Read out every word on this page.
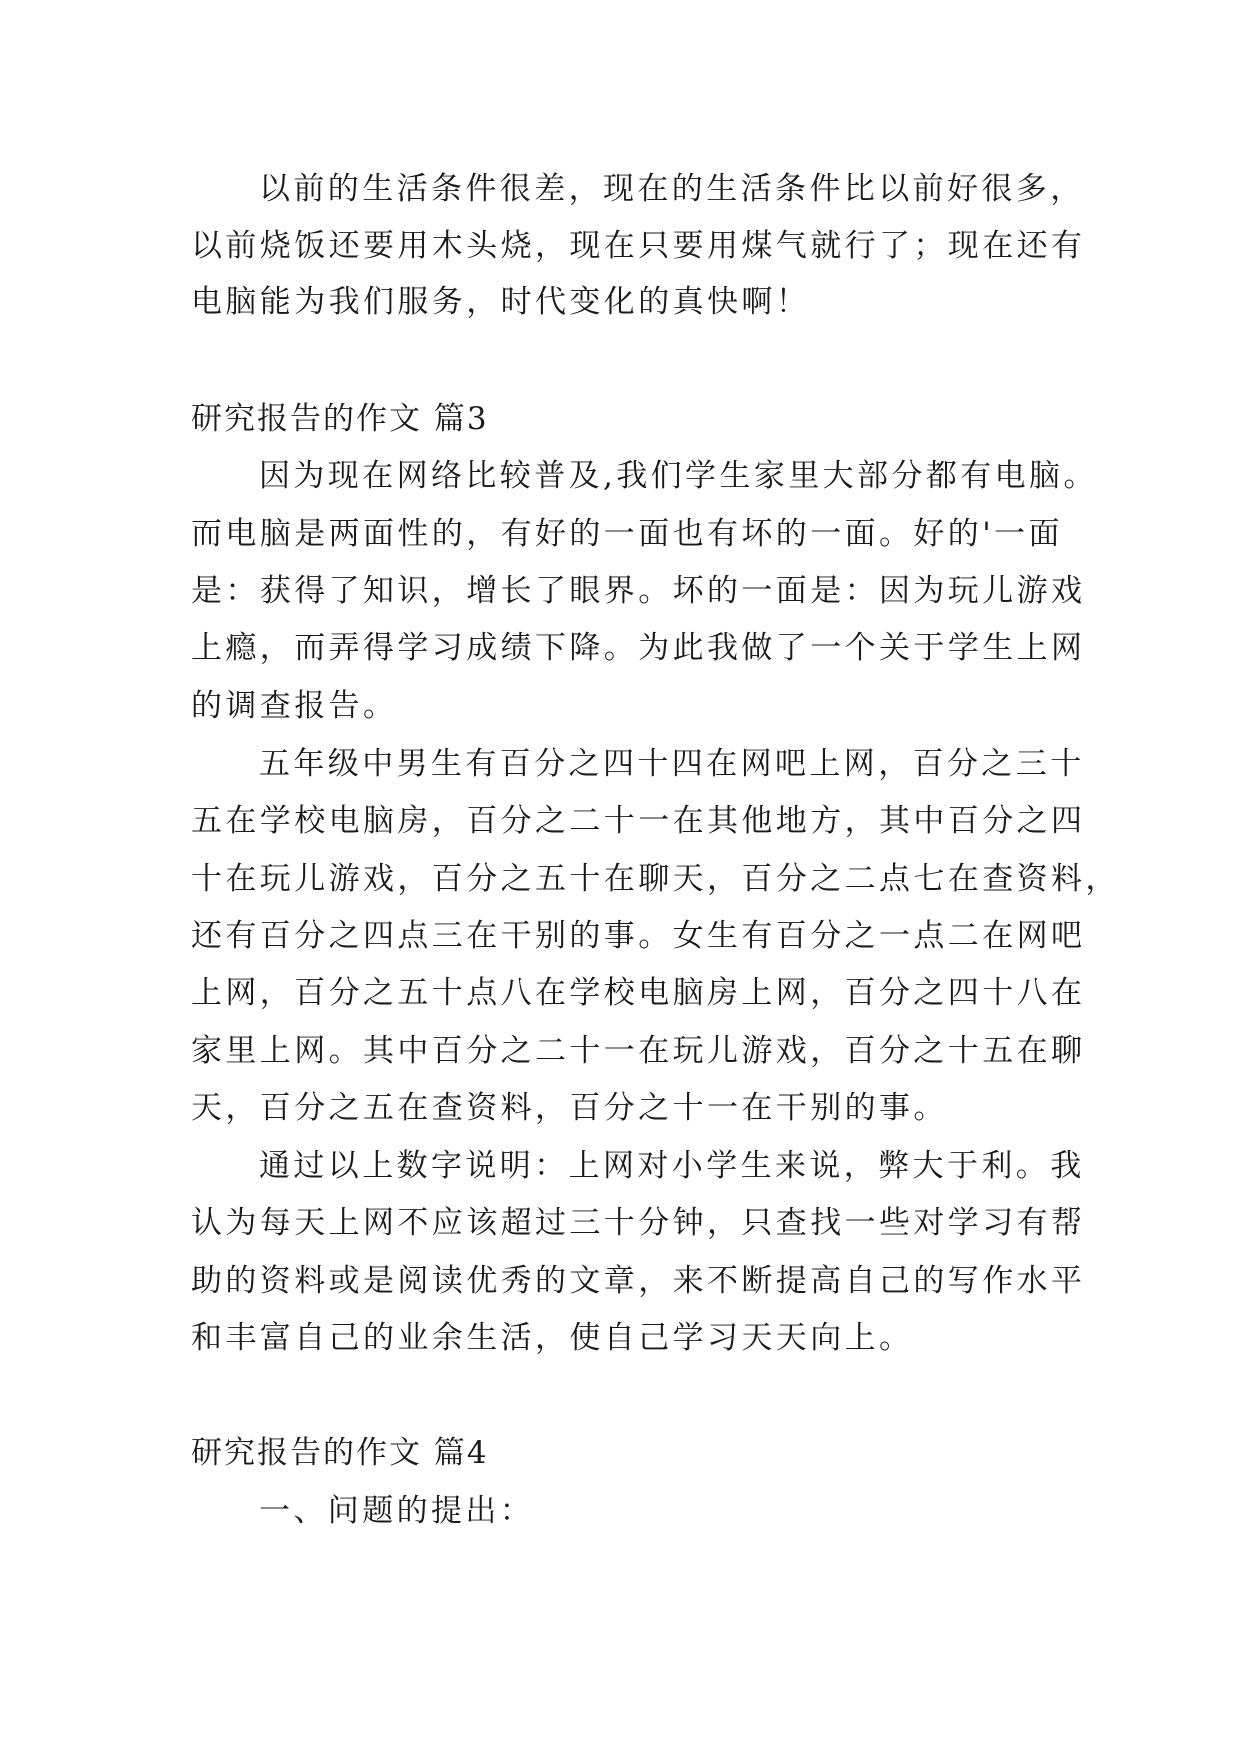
以前的生活条件很差，现在的生活条件比以前好很多，
以前烧饭还要用木头烧，现在只要用煤气就行了；现在还有
电脑能为我们服务，时代变化的真快啊！
研究报告的作文 篇3
因为现在网络比较普及,我们学生家里大部分都有电脑。
而电脑是两面性的，有好的一面也有坏的一面。好的'一面
是：获得了知识，增长了眼界。坏的一面是：因为玩儿游戏
上瘾，而弄得学习成绩下降。为此我做了一个关于学生上网
的调查报告。
五年级中男生有百分之四十四在网吧上网，百分之三十
五在学校电脑房，百分之二十一在其他地方，其中百分之四
十在玩儿游戏，百分之五十在聊天，百分之二点七在查资料，
还有百分之四点三在干别的事。女生有百分之一点二在网吧
上网，百分之五十点八在学校电脑房上网，百分之四十八在
家里上网。其中百分之二十一在玩儿游戏，百分之十五在聊
天，百分之五在查资料，百分之十一在干别的事。
通过以上数字说明：上网对小学生来说，弊大于利。我
认为每天上网不应该超过三十分钟，只查找一些对学习有帮
助的资料或是阅读优秀的文章，来不断提高自己的写作水平
和丰富自己的业余生活，使自己学习天天向上。
研究报告的作文 篇4
一、问题的提出：
